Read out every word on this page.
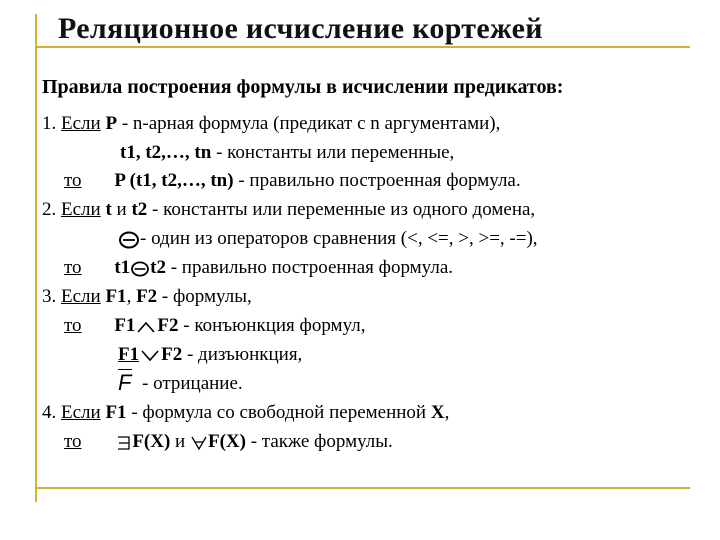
Реляционное исчисление кортежей
Правила построения формулы в исчислении предикатов:
1. Если P - n-арная формула (предикат с n аргументами),
t1, t2,…, tn - константы или переменные,
то P (t1, t2,…, tn) - правильно построенная формула.
2. Если t и t2 - константы или переменные из одного домена,
- один из операторов сравнения (<, <=, >, >=, -=),
то t1 t2 - правильно построенная формула.
3. Если F1, F2 - формулы,
то F1 F2 - конъюнкция формул,
F1 F2 - дизъюнкция,
F - отрицание.
4. Если F1 - формула со свободной переменной X,
то	F(X) и F(X) - также формулы.
